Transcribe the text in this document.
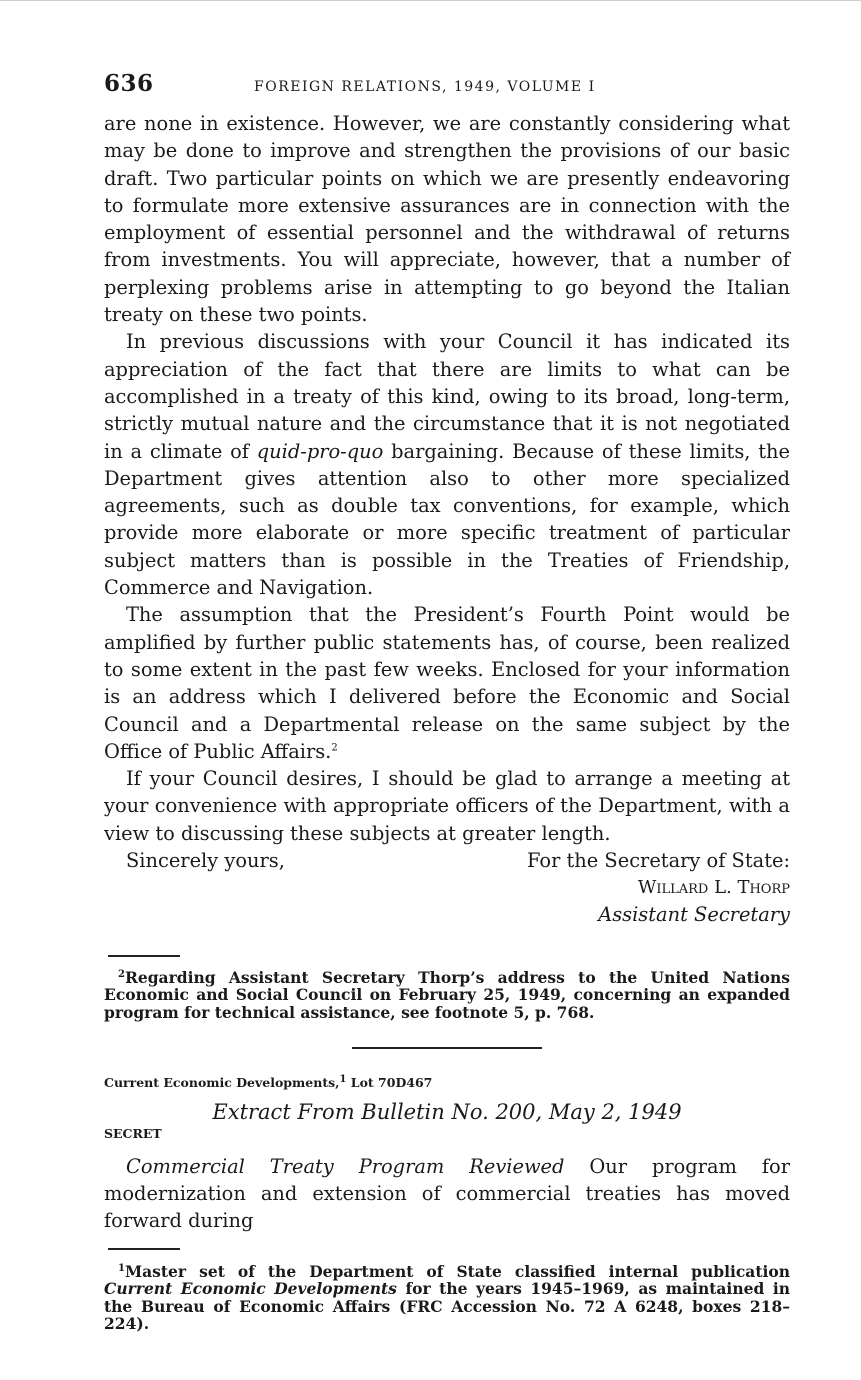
636	FOREIGN RELATIONS, 1949, VOLUME I

are none in existence. However, we are constantly considering what may be done to improve and strengthen the provisions of our basic draft. Two particular points on which we are presently endeavoring to formulate more extensive assurances are in connection with the employment of essential personnel and the withdrawal of returns from investments. You will appreciate, however, that a number of perplexing problems arise in attempting to go beyond the Italian treaty on these two points.

In previous discussions with your Council it has indicated its appreciation of the fact that there are limits to what can be accomplished in a treaty of this kind, owing to its broad, long-term, strictly mutual nature and the circumstance that it is not negotiated in a climate of quid-pro-quo bargaining. Because of these limits, the Department gives attention also to other more specialized agreements, such as double tax conventions, for example, which provide more elaborate or more specific treatment of particular subject matters than is possible in the Treaties of Friendship, Commerce and Navigation.

The assumption that the President’s Fourth Point would be amplified by further public statements has, of course, been realized to some extent in the past few weeks. Enclosed for your information is an address which I delivered before the Economic and Social Council and a Departmental release on the same subject by the Office of Public Affairs.$^2$

If your Council desires, I should be glad to arrange a meeting at your convenience with appropriate officers of the Department, with a view to discussing these subjects at greater length.

Sincerely yours,	For the Secretary of State:
Willard L. Thorp
Assistant Secretary

$^2$Regarding Assistant Secretary Thorp’s address to the United Nations Economic and Social Council on February 25, 1949, concerning an expanded program for technical assistance, see footnote 5, p. 768.

Current Economic Developments,$^1$ Lot 70D467

Extract From Bulletin No. 200, May 2, 1949

SECRET

Commercial Treaty Program Reviewed Our program for modernization and extension of commercial treaties has moved forward during

$^1$Master set of the Department of State classified internal publication Current Economic Developments for the years 1945–1969, as maintained in the Bureau of Economic Affairs (FRC Accession No. 72 A 6248, boxes 218–224).
